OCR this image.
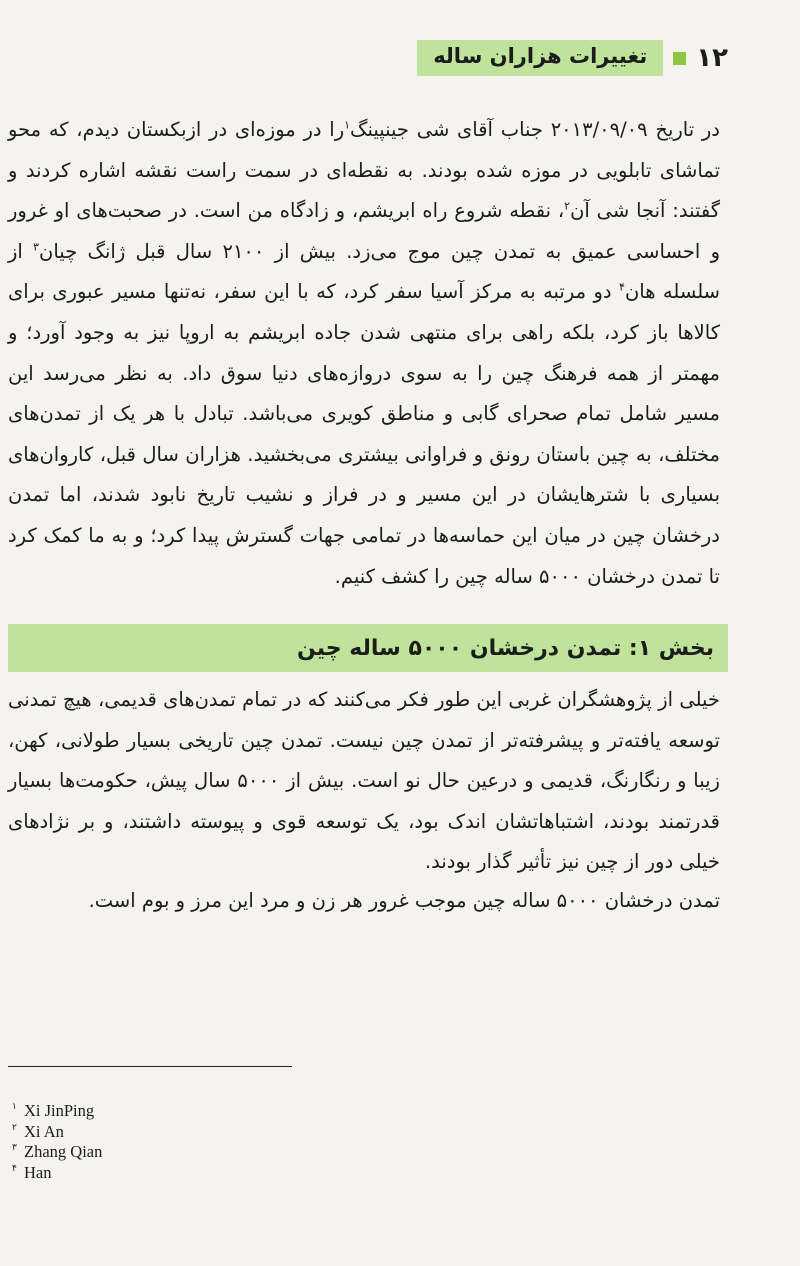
١٢
تغییرات هزاران ساله

در تاریخ ۲۰۱۳/۰۹/۰۹ جناب آقای شی جینپینگ$^۱$را در موزه‌ای در ازبکستان دیدم، که محو تماشای تابلویی در موزه شده بودند. به نقطه‌ای در سمت راست نقشه اشاره کردند و گفتند: آنجا شی آن$^۲$، نقطه شروع راه ابریشم، و زادگاه من است. در صحبت‌های او غرور و احساسی عمیق به تمدن چین موج می‌زد. بیش از ۲۱۰۰ سال قبل ژانگ چیان$^۳$ از سلسله هان$^۴$ دو مرتبه به مرکز آسیا سفر کرد، که با این سفر، نه‌تنها مسیر عبوری برای کالاها باز کرد، بلکه راهی برای منتهی شدن جاده ابریشم به اروپا نیز به وجود آورد؛ و مهمتر از همه فرهنگ چین را به سوی دروازه‌های دنیا سوق داد. به نظر می‌رسد این مسیر شامل تمام صحرای گابی و مناطق کویری می‌باشد. تبادل با هر یک از تمدن‌های مختلف، به چین باستان رونق و فراوانی بیشتری می‌بخشید. هزاران سال قبل، کاروان‌های بسیاری با شترهایشان در این مسیر و در فراز و نشیب تاریخ نابود شدند، اما تمدن درخشان چین در میان این حماسه‌ها در تمامی جهات گسترش پیدا کرد؛ و به ما کمک کرد تا تمدن درخشان ۵۰۰۰ ساله چین را کشف کنیم.

بخش ۱: تمدن درخشان ۵۰۰۰ ساله چین

خیلی از پژوهشگران غربی این طور فکر می‌کنند که در تمام تمدن‌های قدیمی، هیچ تمدنی توسعه یافته‌تر و پیشرفته‌تر از تمدن چین نیست. تمدن چین تاریخی بسیار طولانی، کهن، زیبا و رنگارنگ، قدیمی و درعین حال نو است. بیش از ۵۰۰۰ سال پیش، حکومت‌ها بسیار قدرتمند بودند، اشتباهاتشان اندک بود، یک توسعه قوی و پیوسته داشتند، و بر نژادهای خیلی دور از چین نیز تأثیر گذار بودند.

تمدن درخشان ۵۰۰۰ ساله چین موجب غرور هر زن و مرد این مرز و بوم است.

۱ Xi JinPing
۲ Xi An
۳ Zhang Qian
۴ Han
